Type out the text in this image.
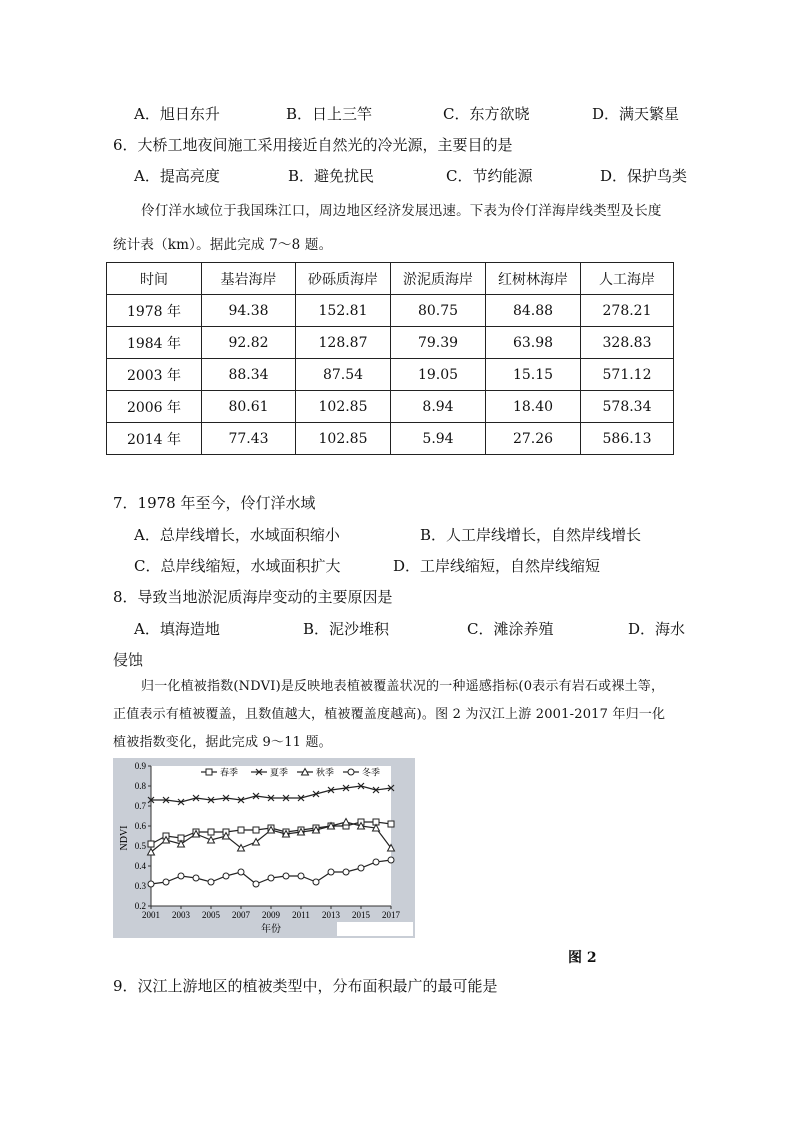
A．旭日东升	B．日上三竿	C．东方欲晓	D．满天繁星
6．大桥工地夜间施工采用接近自然光的冷光源，主要目的是
A．提高亮度	B．避免扰民	C．节约能源	D．保护鸟类
伶仃洋水域位于我国珠江口，周边地区经济发展迅速。下表为伶仃洋海岸线类型及长度
统计表（km）。据此完成 7～8 题。
时间	基岩海岸	砂砾质海岸	淤泥质海岸	红树林海岸	人工海岸
1978 年	94.38	152.81	80.75	84.88	278.21
1984 年	92.82	128.87	79.39	63.98	328.83
2003 年	88.34	87.54	19.05	15.15	571.12
2006 年	80.61	102.85	8.94	18.40	578.34
2014 年	77.43	102.85	5.94	27.26	586.13
7．1978 年至今，伶仃洋水域
A．总岸线增长，水域面积缩小	B．人工岸线增长，自然岸线增长
C．总岸线缩短，水域面积扩大	D．工岸线缩短，自然岸线缩短
8．导致当地淤泥质海岸变动的主要原因是
A．填海造地	B．泥沙堆积	C．滩涂养殖	D．海水
侵蚀
归一化植被指数(NDVI)是反映地表植被覆盖状况的一种遥感指标(0表示有岩石或裸土等，
正值表示有植被覆盖，且数值越大，植被覆盖度越高)。图 2 为汉江上游 2001-2017 年归一化
植被指数变化，据此完成 9～11 题。
春季	夏季	秋季	冬季
0.2
0.3
0.4
0.5
0.6
0.7
0.8
0.9
2001 2003 2005 2007 2009 2011 2013 2015 2017
NDVI
年份
图 2
9．汉江上游地区的植被类型中，分布面积最广的最可能是
